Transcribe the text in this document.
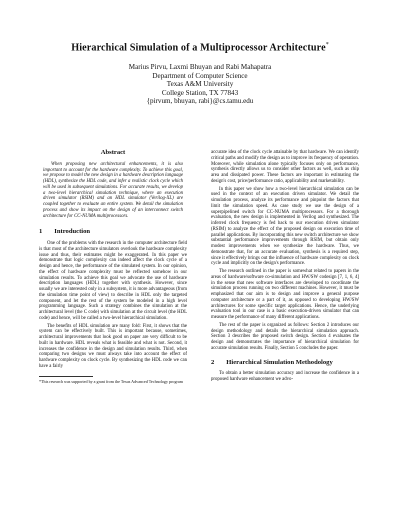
Hierarchical Simulation of a Multiprocessor Architecture*
Marius Pirvu, Laxmi Bhuyan and Rabi Mahapatra
Department of Computer Science
Texas A&M University
College Station, TX 77843
{pirvum, bhuyan, rabi}@cs.tamu.edu
Abstract

When proposing new architectural enhancements, it is also important to account for the hardware complexity. To achieve this goal, we propose to model the new design in a hardware description language (HDL), synthesize the HDL code, and infer a realistic clock cycle which will be used in subsequent simulations. For accurate results, we develop a two-level hierarchical simulation technique, where an execution driven simulator (RSIM) and an HDL simulator (Verilog-XL) are coupled together to evaluate an entire system. We detail the simulation process and show its impact on the design of an interconnect switch architecture for CC-NUMA multiprocessors.

1 Introduction

One of the problems with the research in the computer architecture field is that most of the architecture simulators overlook the hardware complexity issue and thus, their estimates might be exaggerated. In this paper we demonstrate that logic complexity can indeed affect the clock cycle of a design and hence, the performance of the simulated system. In our opinion, the effect of hardware complexity must be reflected somehow in our simulation results. To achieve this goal we advocate the use of hardware description languages (HDL) together with synthesis. However, since usually we are interested only in a subsystem, it is more advantageous (from the simulation time point of view) to describe in HDL only the targeted component, and let the rest of the system be modeled in a high level programming language. Such a strategy combines the simulation at the architectural level (the C code) with simulation at the circuit level (the HDL code) and hence, will be called a two-level hierarchical simulation.

The benefits of HDL simulation are many fold: First, it shows that the system can be effectively built. This is important because, sometimes, architectural improvements that look good on paper are very difficult to be built in hardware. HDL reveals what is feasible and what is not. Second, it increases the confidence in the design and simulation results. Third, when comparing two designs we must always take into account the effect of hardware complexity on clock cycle. By synthesizing the HDL code we can have a fairly

*This research was supported by a grant from the Texas Advanced Technology program

accurate idea of the clock cycle attainable by that hardware. We can identify critical paths and modify the design as to improve its frequency of operation. Moreover, while simulation alone typically focuses only on performance, synthesis directly allows us to consider other factors as well, such as chip area and dissipated power. These factors are important in estimating the design's cost, price/performance ratio, applicability and marketability.

In this paper we show how a two-level hierarchical simulation can be used in the context of an execution driven simulator. We detail the simulation process, analyze its performance and pinpoint the factors that limit the simulation speed. As case study we use the design of a superpipelined switch for CC-NUMA multiprocessors. For a thorough evaluation, the new design is implemented in Verilog and synthesized. The inferred clock frequency is fed back to our execution driven simulator (RSIM) to analyze the effect of the proposed design on execution time of parallel applications. By incorporating this new switch architecture we show substantial performance improvements through RSIM, but obtain only modest improvements when we synthesize the hardware. Thus, we demonstrate that, for an accurate evaluation, synthesis is a required step, since it effectively brings out the influence of hardware complexity on clock cycle and implicitly on the design's performance.

The research outlined in the paper is somewhat related to papers in the areas of hardware/software co-simulation and HW/SW codesign [7, 1, 6, 4] in the sense that new software interfaces are developed to coordinate the simulation process running on two different machines. However, it must be emphasized that our aim is to design and improve a general purpose computer architecture or a part of it, as opposed to developing HW/SW architectures for some specific target applications. Hence, the underlying evaluation tool in our case is a basic execution-driven simulator that can measure the performance of many different applications.

The rest of the paper is organized as follows: Section 2 introduces our design methodology and details the hierarchical simulation approach. Section 3 describes the proposed switch design. Section 4 evaluates the design and demonstrates the importance of hierarchical simulation for accurate simulation results. Finally, Section 5 concludes the paper.

2 Hierarchical Simulation Methodology

To obtain a better simulation accuracy and increase the confidence in a proposed hardware enhancement we advo-
